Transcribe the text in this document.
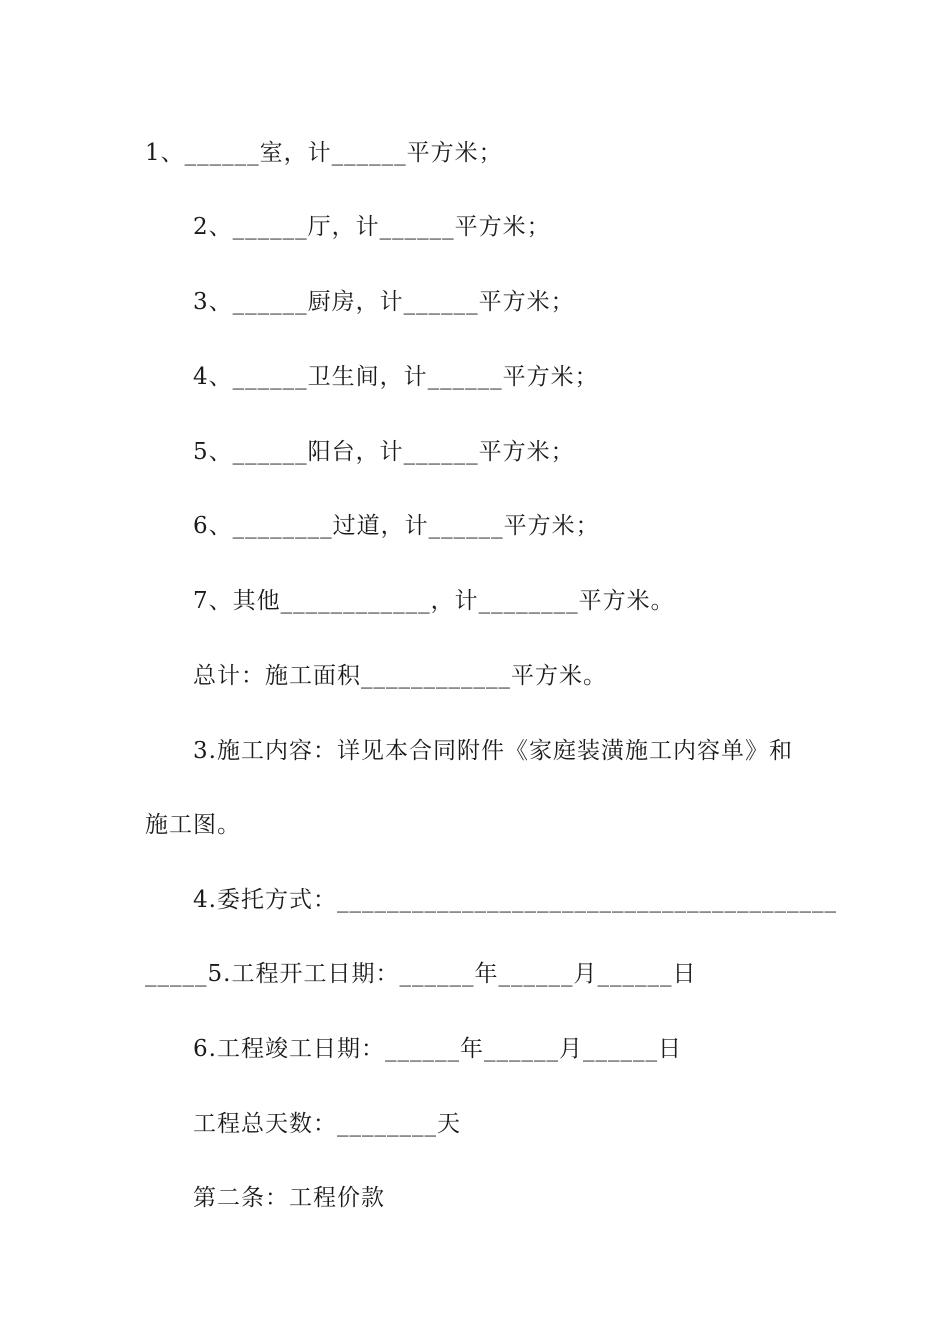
1、______室，计______平方米；
2、______厅，计______平方米；
3、______厨房，计______平方米；
4、______卫生间，计______平方米；
5、______阳台，计______平方米；
6、________过道，计______平方米；
7、其他____________，计________平方米。
总计：施工面积____________平方米。
3.施工内容：详见本合同附件《家庭装潢施工内容单》和
施工图。
4.委托方式：________________________________________
_____5.工程开工日期：______年______月______日
6.工程竣工日期：______年______月______日
工程总天数：________天
第二条：工程价款
